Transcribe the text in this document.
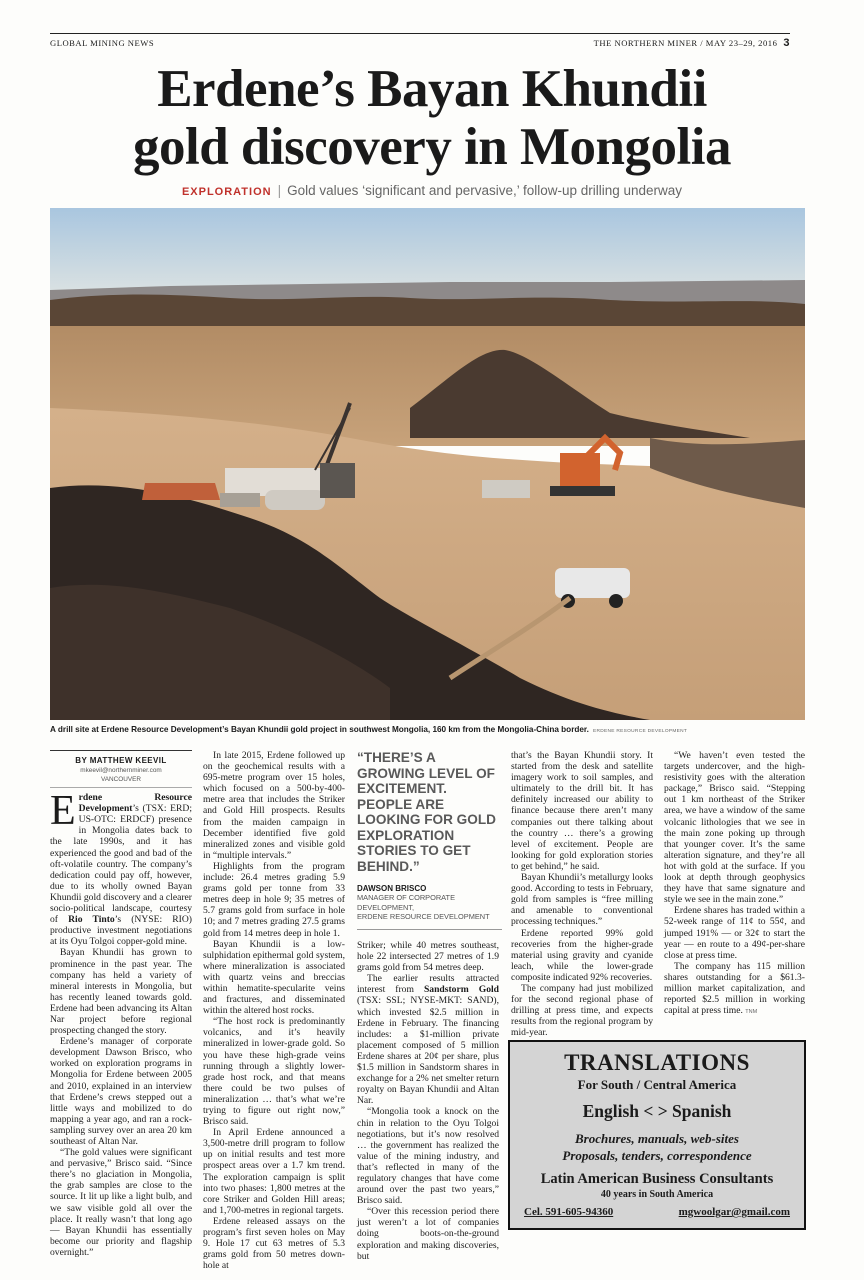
GLOBAL MINING NEWS	THE NORTHERN MINER / MAY 23–29, 2016 3
Erdene’s Bayan Khundii
gold discovery in Mongolia
EXPLORATION | Gold values ‘significant and pervasive,’ follow-up drilling underway
A drill site at Erdene Resource Development’s Bayan Khundii gold project in southwest Mongolia, 160 km from the Mongolia-China border. ERDENE RESOURCE DEVELOPMENT
BY MATTHEW KEEVIL
mkeevil@northernminer.com
VANCOUVER

Erdene Resource Development’s (TSX: ERD; US-OTC: ERDCF) presence in Mongolia dates back to the late 1990s, and it has experienced the good and bad of the oft-volatile country. The company’s dedication could pay off, however, due to its wholly owned Bayan Khundii gold discovery and a clearer socio-political landscape, courtesy of Rio Tinto’s (NYSE: RIO) productive investment negotiations at its Oyu Tolgoi copper-gold mine.

Bayan Khundii has grown to prominence in the past year. The company has held a variety of mineral interests in Mongolia, but has recently leaned towards gold. Erdene had been advancing its Altan Nar project before regional prospecting changed the story.

Erdene’s manager of corporate development Dawson Brisco, who worked on exploration programs in Mongolia for Erdene between 2005 and 2010, explained in an interview that Erdene’s crews stepped out a little ways and mobilized to do mapping a year ago, and ran a rock-sampling survey over an area 20 km southeast of Altan Nar.

“The gold values were significant and pervasive,” Brisco said. “Since there’s no glaciation in Mongolia, the grab samples are close to the source. It lit up like a light bulb, and we saw visible gold all over the place. It really wasn’t that long ago — Bayan Khundii has essentially become our priority and flagship overnight.”

In late 2015, Erdene followed up on the geochemical results with a 695-metre program over 15 holes, which focused on a 500-by-400-metre area that includes the Striker and Gold Hill prospects. Results from the maiden campaign in December identified five gold mineralized zones and visible gold in “multiple intervals.”

Highlights from the program include: 26.4 metres grading 5.9 grams gold per tonne from 33 metres deep in hole 9; 35 metres of 5.7 grams gold from surface in hole 10; and 7 metres grading 27.5 grams gold from 14 metres deep in hole 1.

Bayan Khundii is a low-sulphidation epithermal gold system, where mineralization is associated with quartz veins and breccias within hematite-specularite veins and fractures, and disseminated within the altered host rocks.

“The host rock is predominantly volcanics, and it’s heavily mineralized in lower-grade gold. So you have these high-grade veins running through a slightly lower-grade host rock, and that means there could be two pulses of mineralization … that’s what we’re trying to figure out right now,” Brisco said.

In April Erdene announced a 3,500-metre drill program to follow up on initial results and test more prospect areas over a 1.7 km trend. The exploration campaign is split into two phases: 1,800 metres at the core Striker and Golden Hill areas; and 1,700-metres in regional targets.

Erdene released assays on the program’s first seven holes on May 9. Hole 17 cut 63 metres of 5.3 grams gold from 50 metres down-hole at

“THERE’S A GROWING LEVEL OF EXCITEMENT. PEOPLE ARE LOOKING FOR GOLD EXPLORATION STORIES TO GET BEHIND.”
DAWSON BRISCO
MANAGER OF CORPORATE DEVELOPMENT,
ERDENE RESOURCE DEVELOPMENT

Striker; while 40 metres southeast, hole 22 intersected 27 metres of 1.9 grams gold from 54 metres deep.

The earlier results attracted interest from Sandstorm Gold (TSX: SSL; NYSE-MKT: SAND), which invested $2.5 million in Erdene in February. The financing includes: a $1-million private placement composed of 5 million Erdene shares at 20¢ per share, plus $1.5 million in Sandstorm shares in exchange for a 2% net smelter return royalty on Bayan Khundii and Altan Nar.

“Mongolia took a knock on the chin in relation to the Oyu Tolgoi negotiations, but it’s now resolved … the government has realized the value of the mining industry, and that’s reflected in many of the regulatory changes that have come around over the past two years,” Brisco said.

“Over this recession period there just weren’t a lot of companies doing boots-on-the-ground exploration and making discoveries, but

that’s the Bayan Khundii story. It started from the desk and satellite imagery work to soil samples, and ultimately to the drill bit. It has definitely increased our ability to finance because there aren’t many companies out there talking about the country … there’s a growing level of excitement. People are looking for gold exploration stories to get behind,” he said.

Bayan Khundii’s metallurgy looks good. According to tests in February, gold from samples is “free milling and amenable to conventional processing techniques.”

Erdene reported 99% gold recoveries from the higher-grade material using gravity and cyanide leach, while the lower-grade composite indicated 92% recoveries.

The company had just mobilized for the second regional phase of drilling at press time, and expects results from the regional program by mid-year.

“We haven’t even tested the targets undercover, and the high-resistivity goes with the alteration package,” Brisco said. “Stepping out 1 km northeast of the Striker area, we have a window of the same volcanic lithologies that we see in the main zone poking up through that younger cover. It’s the same alteration signature, and they’re all hot with gold at the surface. If you look at depth through geophysics they have that same signature and style we see in the main zone.”

Erdene shares has traded within a 52-week range of 11¢ to 55¢, and jumped 191% — or 32¢ to start the year — en route to a 49¢-per-share close at press time.

The company has 115 million shares outstanding for a $61.3-million market capitalization, and reported $2.5 million in working capital at press time. TNM

TRANSLATIONS
For South / Central America
English < > Spanish
Brochures, manuals, web-sites
Proposals, tenders, correspondence
Latin American Business Consultants
40 years in South America
Cel. 591-605-94360	mgwoolgar@gmail.com
